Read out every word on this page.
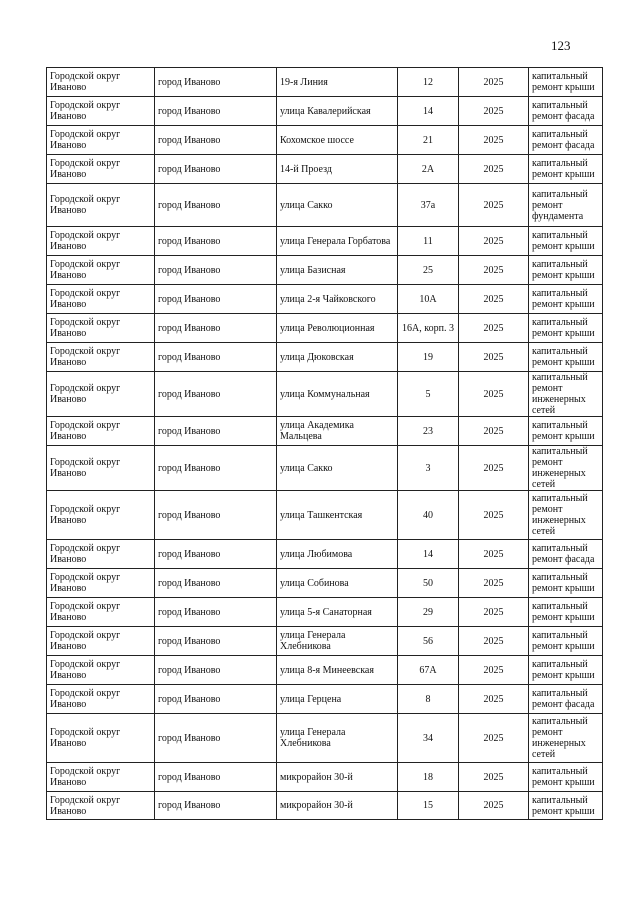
123
Городской округ Иваново	город Иваново	19-я Линия	12	2025	капитальный ремонт крыши
Городской округ Иваново	город Иваново	улица Кавалерийская	14	2025	капитальный ремонт фасада
Городской округ Иваново	город Иваново	Кохомское шоссе	21	2025	капитальный ремонт фасада
Городской округ Иваново	город Иваново	14-й Проезд	2А	2025	капитальный ремонт крыши
Городской округ Иваново	город Иваново	улица Сакко	37а	2025	капитальный ремонт фундамента
Городской округ Иваново	город Иваново	улица Генерала Горбатова	11	2025	капитальный ремонт крыши
Городской округ Иваново	город Иваново	улица Базисная	25	2025	капитальный ремонт крыши
Городской округ Иваново	город Иваново	улица 2-я Чайковского	10А	2025	капитальный ремонт крыши
Городской округ Иваново	город Иваново	улица Революционная	16А, корп. 3	2025	капитальный ремонт крыши
Городской округ Иваново	город Иваново	улица Дюковская	19	2025	капитальный ремонт крыши
Городской округ Иваново	город Иваново	улица Коммунальная	5	2025	капитальный ремонт инженерных сетей
Городской округ Иваново	город Иваново	улица Академика Мальцева	23	2025	капитальный ремонт крыши
Городской округ Иваново	город Иваново	улица Сакко	3	2025	капитальный ремонт инженерных сетей
Городской округ Иваново	город Иваново	улица Ташкентская	40	2025	капитальный ремонт инженерных сетей
Городской округ Иваново	город Иваново	улица Любимова	14	2025	капитальный ремонт фасада
Городской округ Иваново	город Иваново	улица Собинова	50	2025	капитальный ремонт крыши
Городской округ Иваново	город Иваново	улица 5-я Санаторная	29	2025	капитальный ремонт крыши
Городской округ Иваново	город Иваново	улица Генерала Хлебникова	56	2025	капитальный ремонт крыши
Городской округ Иваново	город Иваново	улица 8-я Минеевская	67А	2025	капитальный ремонт крыши
Городской округ Иваново	город Иваново	улица Герцена	8	2025	капитальный ремонт фасада
Городской округ Иваново	город Иваново	улица Генерала Хлебникова	34	2025	капитальный ремонт инженерных сетей
Городской округ Иваново	город Иваново	микрорайон 30-й	18	2025	капитальный ремонт крыши
Городской округ Иваново	город Иваново	микрорайон 30-й	15	2025	капитальный ремонт крыши
